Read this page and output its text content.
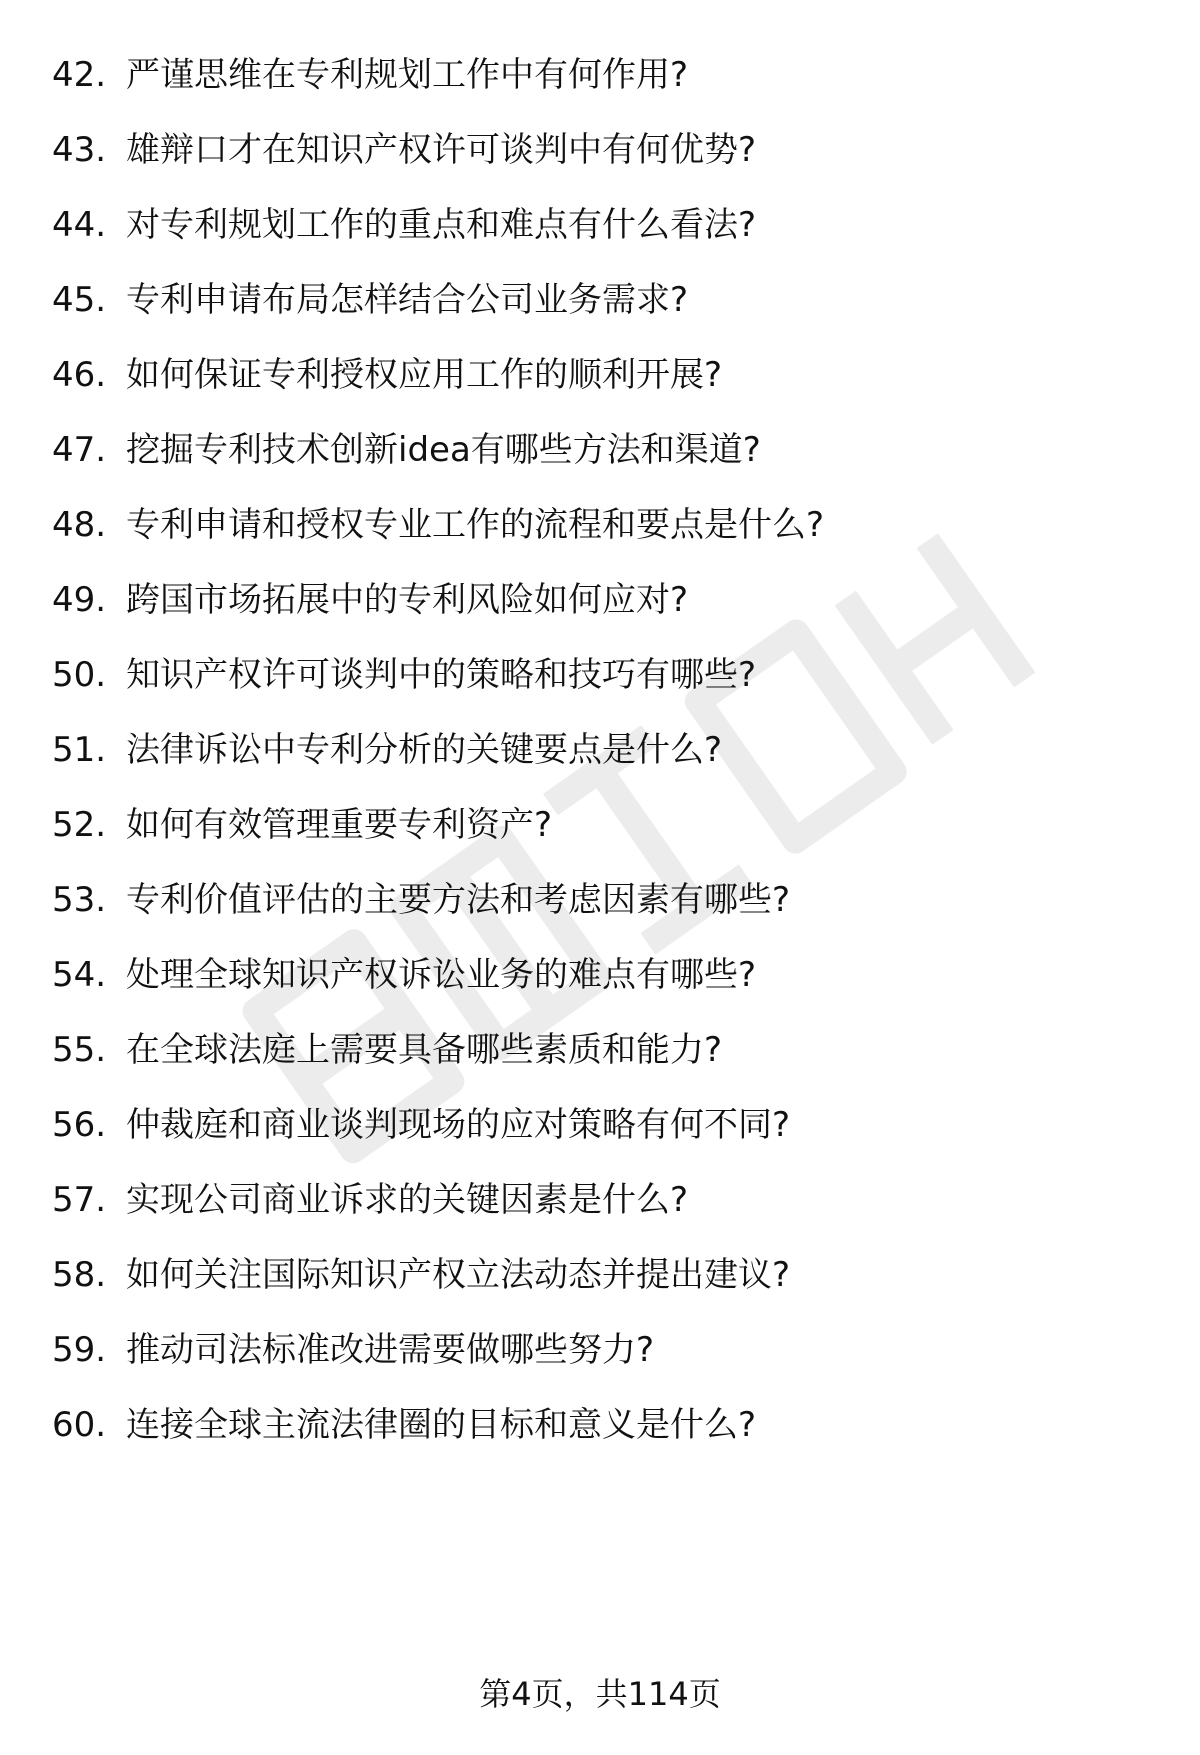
42. 严谨思维在专利规划工作中有何作用?
43. 雄辩口才在知识产权许可谈判中有何优势?
44. 对专利规划工作的重点和难点有什么看法?
45. 专利申请布局怎样结合公司业务需求?
46. 如何保证专利授权应用工作的顺利开展?
47. 挖掘专利技术创新idea有哪些方法和渠道?
48. 专利申请和授权专业工作的流程和要点是什么?
49. 跨国市场拓展中的专利风险如何应对?
50. 知识产权许可谈判中的策略和技巧有哪些?
51. 法律诉讼中专利分析的关键要点是什么?
52. 如何有效管理重要专利资产?
53. 专利价值评估的主要方法和考虑因素有哪些?
54. 处理全球知识产权诉讼业务的难点有哪些?
55. 在全球法庭上需要具备哪些素质和能力?
56. 仲裁庭和商业谈判现场的应对策略有何不同?
57. 实现公司商业诉求的关键因素是什么?
58. 如何关注国际知识产权立法动态并提出建议?
59. 推动司法标准改进需要做哪些努力?
60. 连接全球主流法律圈的目标和意义是什么?
第4页，共114页
